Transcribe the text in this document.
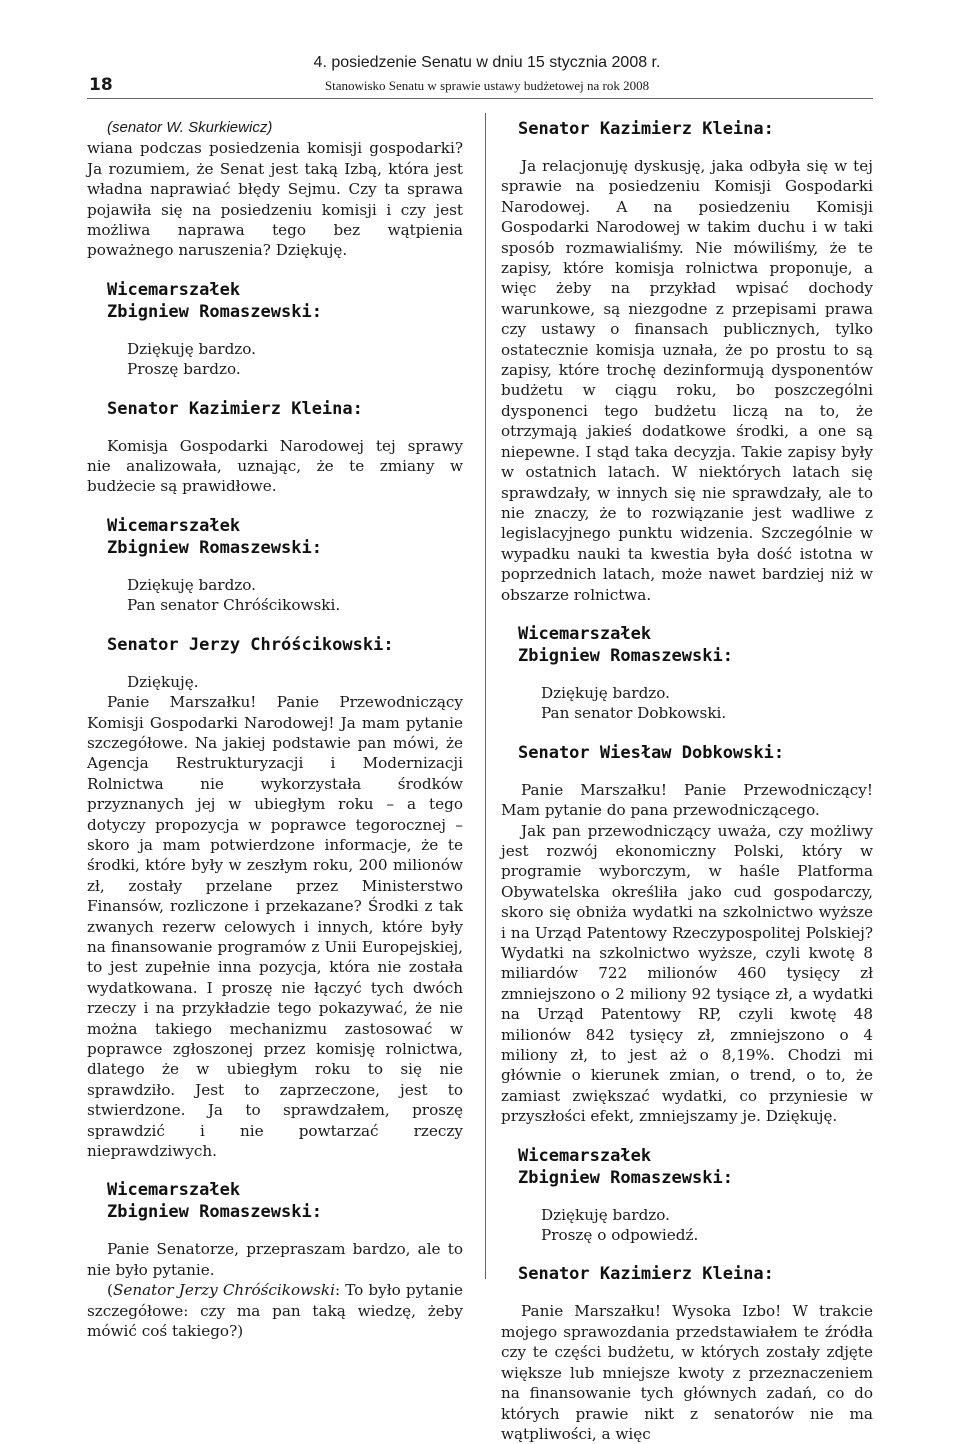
18
4. posiedzenie Senatu w dniu 15 stycznia 2008 r.
Stanowisko Senatu w sprawie ustawy budżetowej na rok 2008

(senator W. Skurkiewicz)

wiana podczas posiedzenia komisji gospodarki? Ja rozumiem, że Senat jest taką Izbą, która jest władna naprawiać błędy Sejmu. Czy ta sprawa pojawiła się na posiedzeniu komisji i czy jest możliwa naprawa tego bez wątpienia poważnego naruszenia? Dziękuję.

Wicemarszałek
Zbigniew Romaszewski:

Dziękuję bardzo.

Proszę bardzo.

Senator Kazimierz Kleina:

Komisja Gospodarki Narodowej tej sprawy nie analizowała, uznając, że te zmiany w budżecie są prawidłowe.

Wicemarszałek
Zbigniew Romaszewski:

Dziękuję bardzo.

Pan senator Chróścikowski.

Senator Jerzy Chróścikowski:

Dziękuję.

Panie Marszałku! Panie Przewodniczący Komisji Gospodarki Narodowej! Ja mam pytanie szczegółowe. Na jakiej podstawie pan mówi, że Agencja Restrukturyzacji i Modernizacji Rolnictwa nie wykorzystała środków przyznanych jej w ubiegłym roku – a tego dotyczy propozycja w poprawce tegorocznej – skoro ja mam potwierdzone informacje, że te środki, które były w zeszłym roku, 200 milionów zł, zostały przelane przez Ministerstwo Finansów, rozliczone i przekazane? Środki z tak zwanych rezerw celowych i innych, które były na finansowanie programów z Unii Europejskiej, to jest zupełnie inna pozycja, która nie została wydatkowana. I proszę nie łączyć tych dwóch rzeczy i na przykładzie tego pokazywać, że nie można takiego mechanizmu zastosować w poprawce zgłoszonej przez komisję rolnictwa, dlatego że w ubiegłym roku to się nie sprawdziło. Jest to zaprzeczone, jest to stwierdzone. Ja to sprawdzałem, proszę sprawdzić i nie powtarzać rzeczy nieprawdziwych.

Wicemarszałek
Zbigniew Romaszewski:

Panie Senatorze, przepraszam bardzo, ale to nie było pytanie.

(Senator Jerzy Chróścikowski: To było pytanie szczegółowe: czy ma pan taką wiedzę, żeby mówić coś takiego?)

Senator Kazimierz Kleina:

Ja relacjonuję dyskusję, jaka odbyła się w tej sprawie na posiedzeniu Komisji Gospodarki Narodowej. A na posiedzeniu Komisji Gospodarki Narodowej w takim duchu i w taki sposób rozmawialiśmy. Nie mówiliśmy, że te zapisy, które komisja rolnictwa proponuje, a więc żeby na przykład wpisać dochody warunkowe, są niezgodne z przepisami prawa czy ustawy o finansach publicznych, tylko ostatecznie komisja uznała, że po prostu to są zapisy, które trochę dezinformują dysponentów budżetu w ciągu roku, bo poszczególni dysponenci tego budżetu liczą na to, że otrzymają jakieś dodatkowe środki, a one są niepewne. I stąd taka decyzja. Takie zapisy były w ostatnich latach. W niektórych latach się sprawdzały, w innych się nie sprawdzały, ale to nie znaczy, że to rozwiązanie jest wadliwe z legislacyjnego punktu widzenia. Szczególnie w wypadku nauki ta kwestia była dość istotna w poprzednich latach, może nawet bardziej niż w obszarze rolnictwa.

Wicemarszałek
Zbigniew Romaszewski:

Dziękuję bardzo.

Pan senator Dobkowski.

Senator Wiesław Dobkowski:

Panie Marszałku! Panie Przewodniczący! Mam pytanie do pana przewodniczącego.

Jak pan przewodniczący uważa, czy możliwy jest rozwój ekonomiczny Polski, który w programie wyborczym, w haśle Platforma Obywatelska określiła jako cud gospodarczy, skoro się obniża wydatki na szkolnictwo wyższe i na Urząd Patentowy Rzeczypospolitej Polskiej? Wydatki na szkolnictwo wyższe, czyli kwotę 8 miliardów 722 milionów 460 tysięcy zł zmniejszono o 2 miliony 92 tysiące zł, a wydatki na Urząd Patentowy RP, czyli kwotę 48 milionów 842 tysięcy zł, zmniejszono o 4 miliony zł, to jest aż o 8,19%. Chodzi mi głównie o kierunek zmian, o trend, o to, że zamiast zwiększać wydatki, co przyniesie w przyszłości efekt, zmniejszamy je. Dziękuję.

Wicemarszałek
Zbigniew Romaszewski:

Dziękuję bardzo.

Proszę o odpowiedź.

Senator Kazimierz Kleina:

Panie Marszałku! Wysoka Izbo! W trakcie mojego sprawozdania przedstawiałem te źródła czy te części budżetu, w których zostały zdjęte większe lub mniejsze kwoty z przeznaczeniem na finansowanie tych głównych zadań, co do których prawie nikt z senatorów nie ma wątpliwości, a więc
